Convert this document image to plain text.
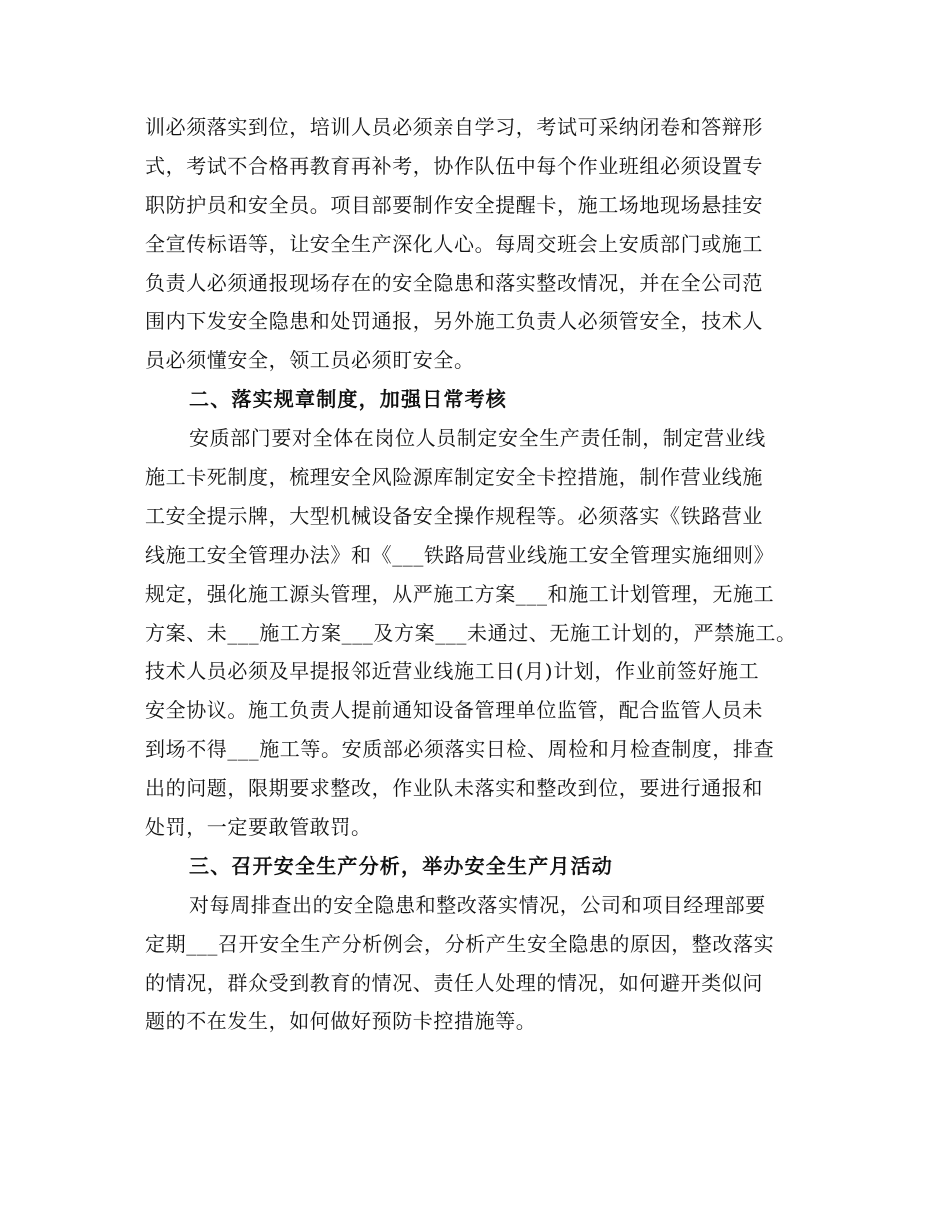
训必须落实到位，培训人员必须亲自学习，考试可采纳闭卷和答辩形
式，考试不合格再教育再补考，协作队伍中每个作业班组必须设置专
职防护员和安全员。项目部要制作安全提醒卡，施工场地现场悬挂安
全宣传标语等，让安全生产深化人心。每周交班会上安质部门或施工
负责人必须通报现场存在的安全隐患和落实整改情况，并在全公司范
围内下发安全隐患和处罚通报，另外施工负责人必须管安全，技术人
员必须懂安全，领工员必须盯安全。
二、落实规章制度，加强日常考核
安质部门要对全体在岗位人员制定安全生产责任制，制定营业线
施工卡死制度，梳理安全风险源库制定安全卡控措施，制作营业线施
工安全提示牌，大型机械设备安全操作规程等。必须落实《铁路营业
线施工安全管理办法》和《___铁路局营业线施工安全管理实施细则》
规定，强化施工源头管理，从严施工方案___和施工计划管理，无施工
方案、未___施工方案___及方案___未通过、无施工计划的，严禁施工。
技术人员必须及早提报邻近营业线施工日(月)计划，作业前签好施工
安全协议。施工负责人提前通知设备管理单位监管，配合监管人员未
到场不得___施工等。安质部必须落实日检、周检和月检查制度，排查
出的问题，限期要求整改，作业队未落实和整改到位，要进行通报和
处罚，一定要敢管敢罚。
三、召开安全生产分析，举办安全生产月活动
对每周排查出的安全隐患和整改落实情况，公司和项目经理部要
定期___召开安全生产分析例会，分析产生安全隐患的原因，整改落实
的情况，群众受到教育的情况、责任人处理的情况，如何避开类似问
题的不在发生，如何做好预防卡控措施等。
